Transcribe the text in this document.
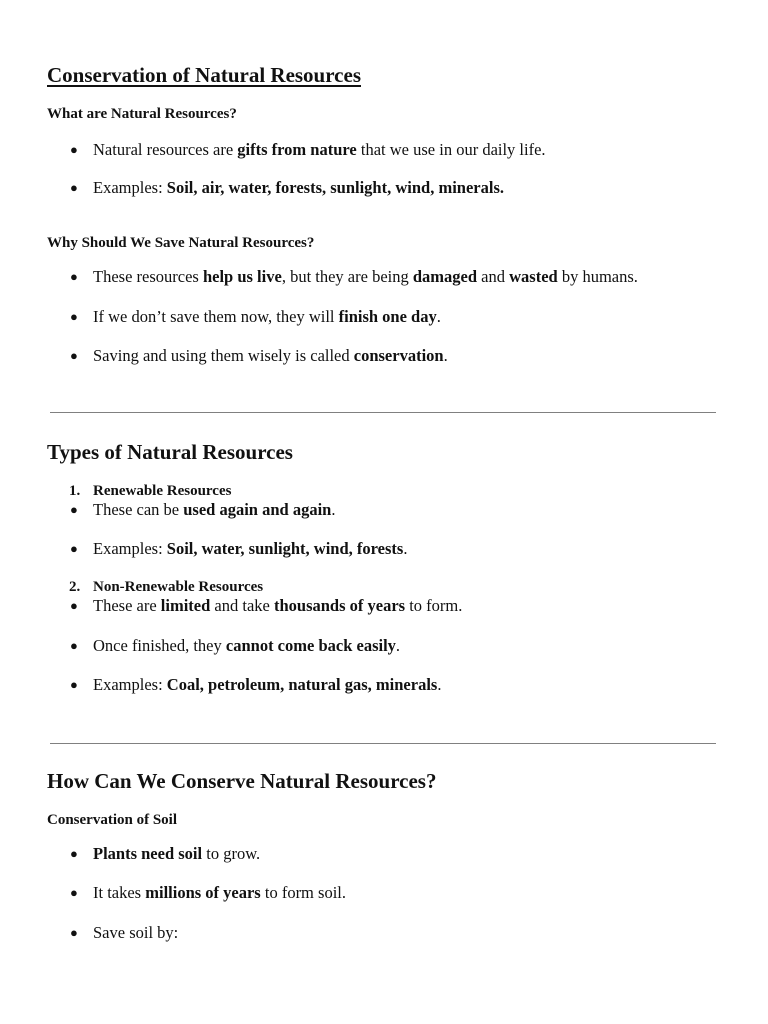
Conservation of Natural Resources
What are Natural Resources?
● Natural resources are gifts from nature that we use in our daily life.
● Examples: Soil, air, water, forests, sunlight, wind, minerals.
Why Should We Save Natural Resources?
● These resources help us live, but they are being damaged and wasted by humans.
● If we don’t save them now, they will finish one day.
● Saving and using them wisely is called conservation.
Types of Natural Resources
1. Renewable Resources
● These can be used again and again.
● Examples: Soil, water, sunlight, wind, forests.
2. Non-Renewable Resources
● These are limited and take thousands of years to form.
● Once finished, they cannot come back easily.
● Examples: Coal, petroleum, natural gas, minerals.
How Can We Conserve Natural Resources?
Conservation of Soil
● Plants need soil to grow.
● It takes millions of years to form soil.
● Save soil by:
